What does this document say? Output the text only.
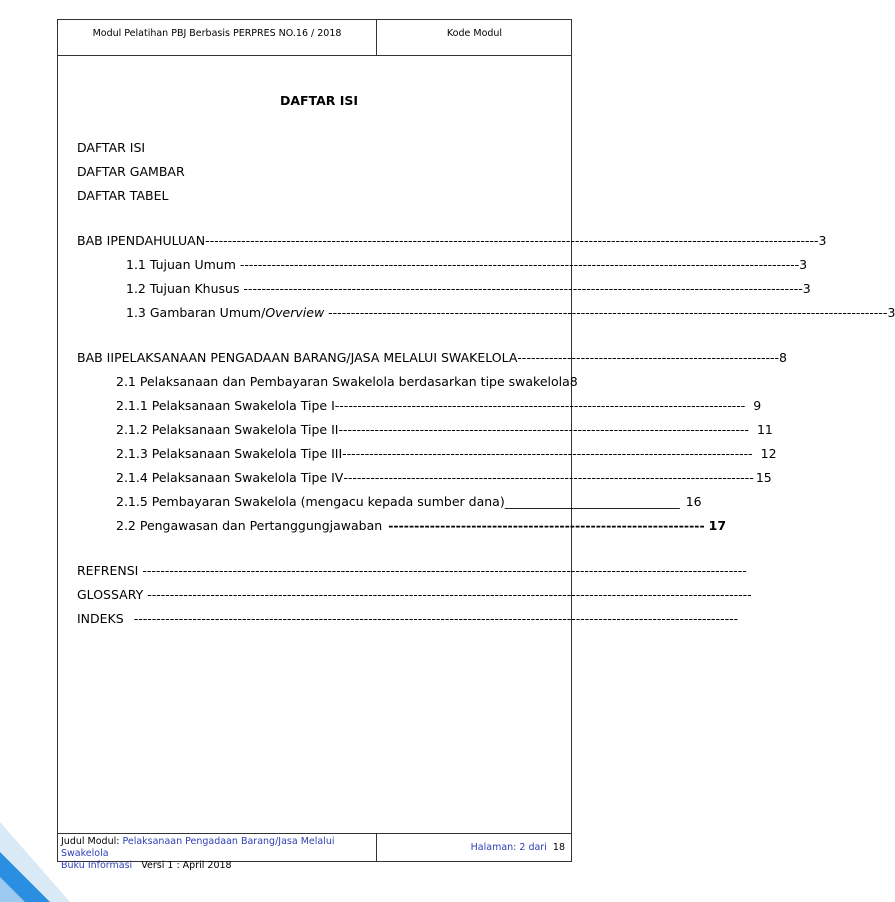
Modul Pelatihan PBJ Berbasis PERPRES NO.16 / 2018	Kode Modul
Judul Modul: Pelaksanaan Pengadaan Barang/Jasa Melalui Swakelola
Buku Informasi Versi 1 : April 2018
Halaman: 2 dari
18
DAFTAR ISI
DAFTAR ISI
DAFTAR GAMBAR
DAFTAR TABEL
BAB I PENDAHULUAN ---------------------------------------------------------------------------------------------------------------------------------------- 3
1.1 Tujuan Umum ---------------------------------------------------------------------------------------------------------------------------- 3
1.2 Tujuan Khusus ---------------------------------------------------------------------------------------------------------------------------- 3
1.3 Gambaran Umum/ Overview ---------------------------------------------------------------------------------------------------------------------------- 3
BAB II PELAKSANAAN PENGADAAN BARANG/JASA MELALUI SWAKELOLA ---------------------------------------------------------- 8
2.1 Pelaksanaan dan Pembayaran Swakelola berdasarkan tipe swakelola 8
2.1.1 Pelaksanaan Swakelola Tipe I ------------------------------------------------------------------------------------------- 9
2.1.2 Pelaksanaan Swakelola Tipe II ------------------------------------------------------------------------------------------- 11
2.1.3 Pelaksanaan Swakelola Tipe III ------------------------------------------------------------------------------------------- 12
2.1.4 Pelaksanaan Swakelola Tipe IV ------------------------------------------------------------------------------------------- 15
2.1.5 Pembayaran Swakelola (mengacu kepada sumber dana) ____________________________ 16
2.2 Pengawasan dan Pertanggungjawaban ------------------------------------------------------------- 17
REFRENSI --------------------------------------------------------------------------------------------------------------------------------------
GLOSSARY --------------------------------------------------------------------------------------------------------------------------------------
INDEKS --------------------------------------------------------------------------------------------------------------------------------------
